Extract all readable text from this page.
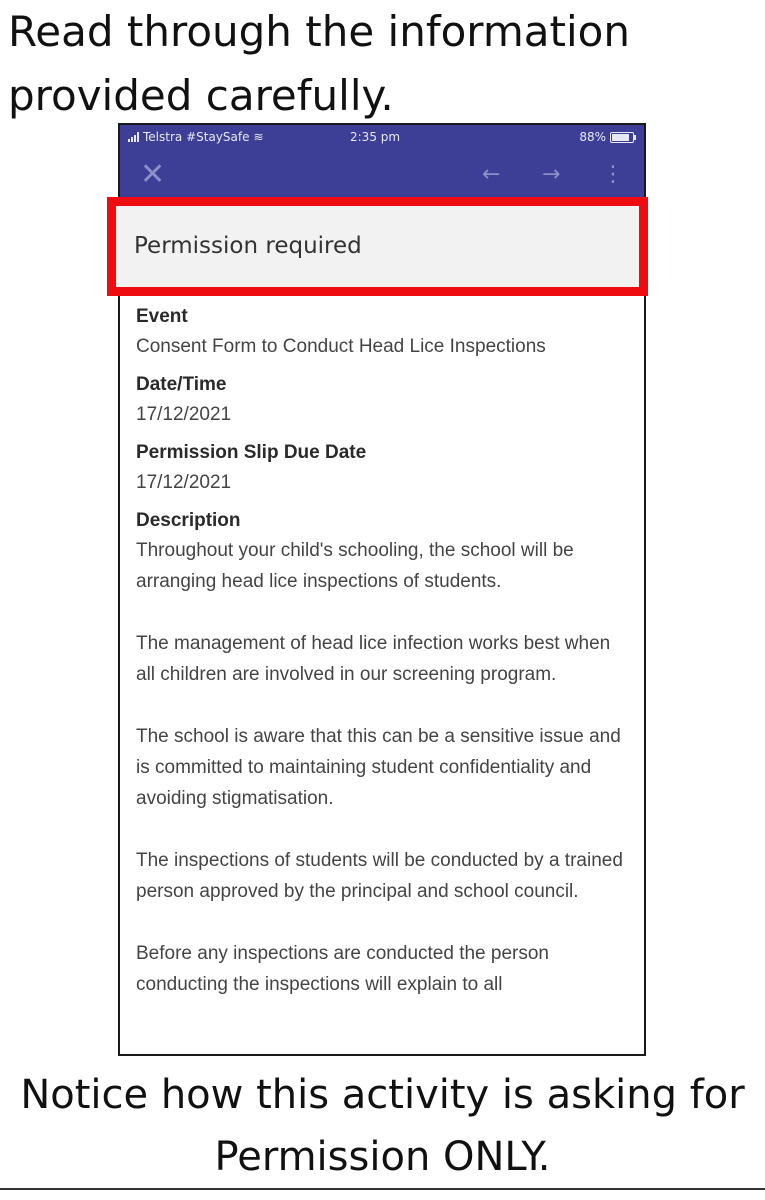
Read through the information
provided carefully.
Telstra #StaySafe ≋	2:35 pm	88%
✕	← → ⋮
Event
Consent Form to Conduct Head Lice Inspections
Date/Time
17/12/2021
Permission Slip Due Date
17/12/2021
Description

Throughout your child's schooling, the school will be arranging head lice inspections of students.

The management of head lice infection works best when all children are involved in our screening program.

The school is aware that this can be a sensitive issue and is committed to maintaining student confidentiality and avoiding stigmatisation.

The inspections of students will be conducted by a trained person approved by the principal and school council.

Before any inspections are conducted the person conducting the inspections will explain to all

Permission required
Notice how this activity is asking for
Permission ONLY.
